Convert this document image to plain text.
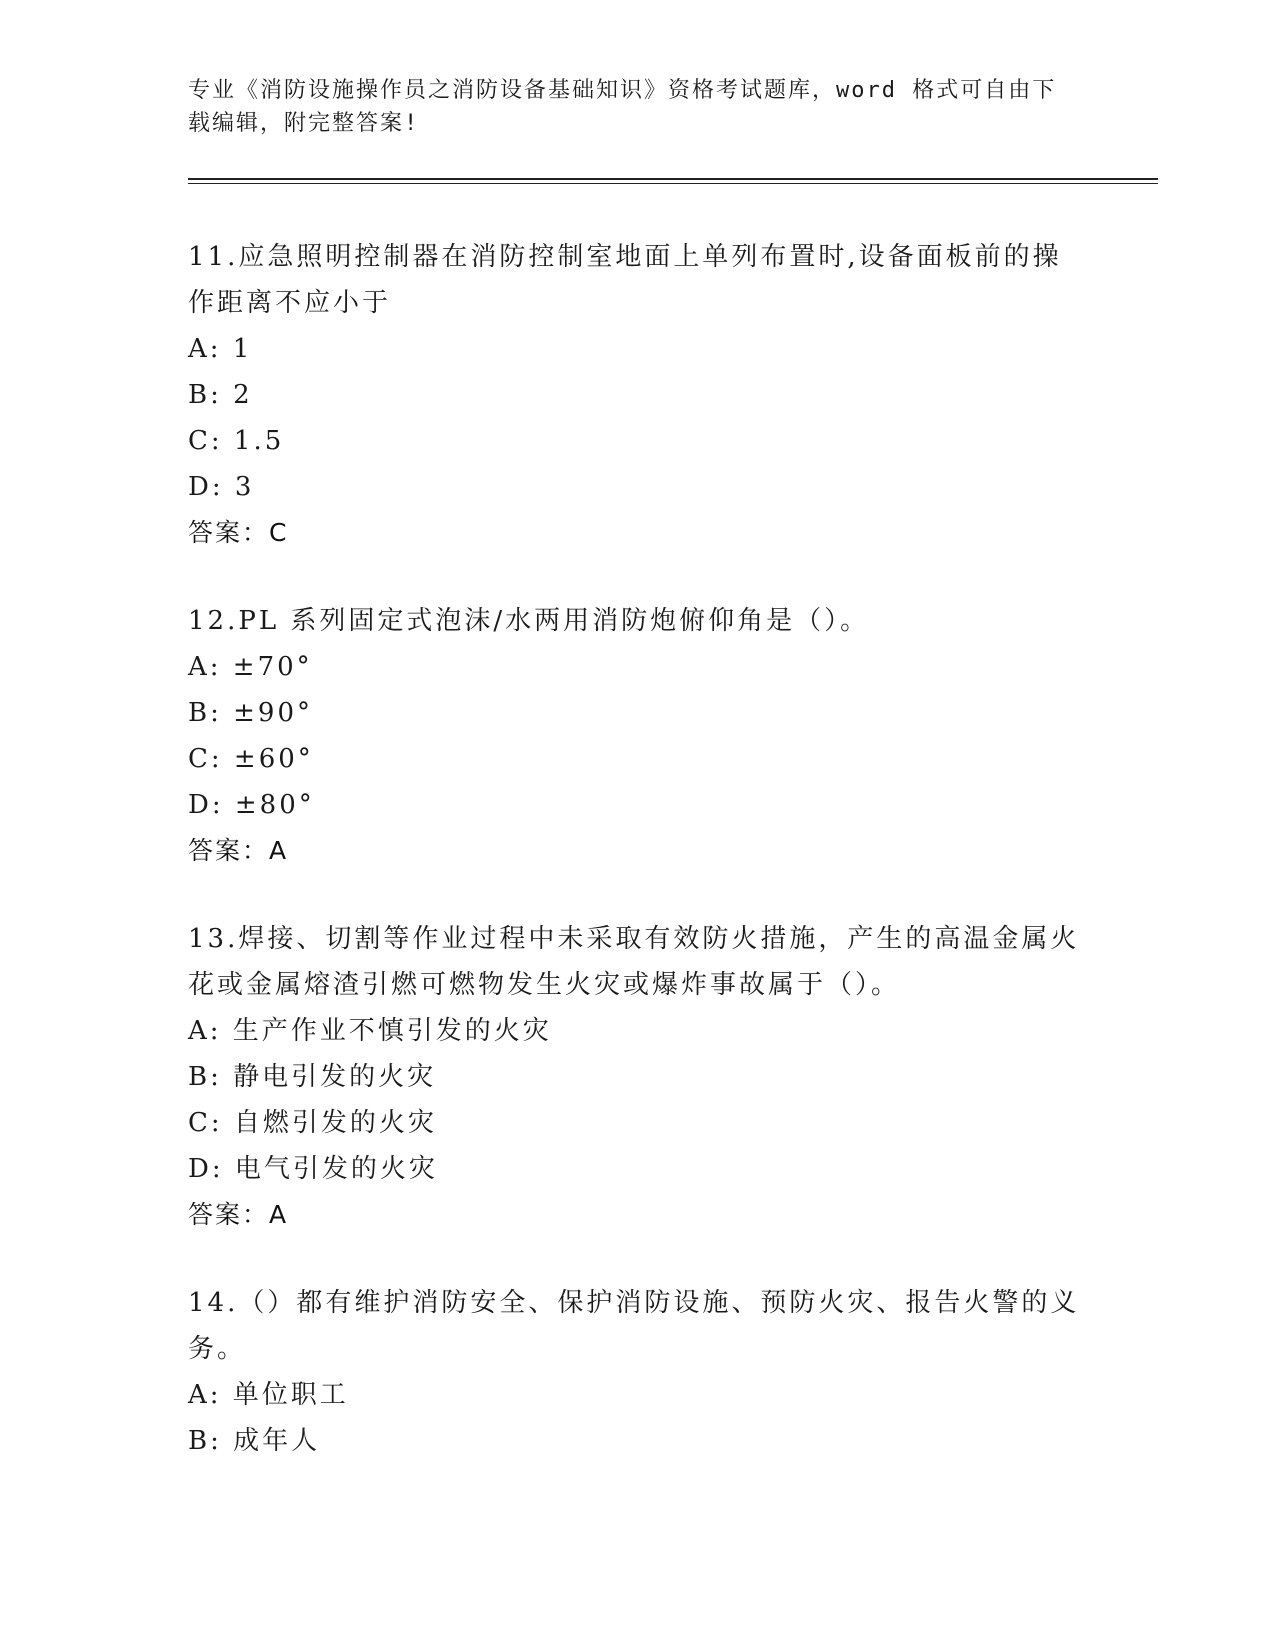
专业《消防设施操作员之消防设备基础知识》资格考试题库，word 格式可自由下
载编辑，附完整答案!

11.应急照明控制器在消防控制室地面上单列布置时,设备面板前的操

作距离不应小于

A: 1

B: 2

C: 1.5

D: 3

答案：C

12.PL 系列固定式泡沫/水两用消防炮俯仰角是（）。

A: ±70°

B: ±90°

C: ±60°

D: ±80°

答案：A

13.焊接、切割等作业过程中未采取有效防火措施，产生的高温金属火

花或金属熔渣引燃可燃物发生火灾或爆炸事故属于（）。

A: 生产作业不慎引发的火灾

B: 静电引发的火灾

C: 自燃引发的火灾

D: 电气引发的火灾

答案：A

14.（）都有维护消防安全、保护消防设施、预防火灾、报告火警的义

务。

A: 单位职工

B: 成年人
